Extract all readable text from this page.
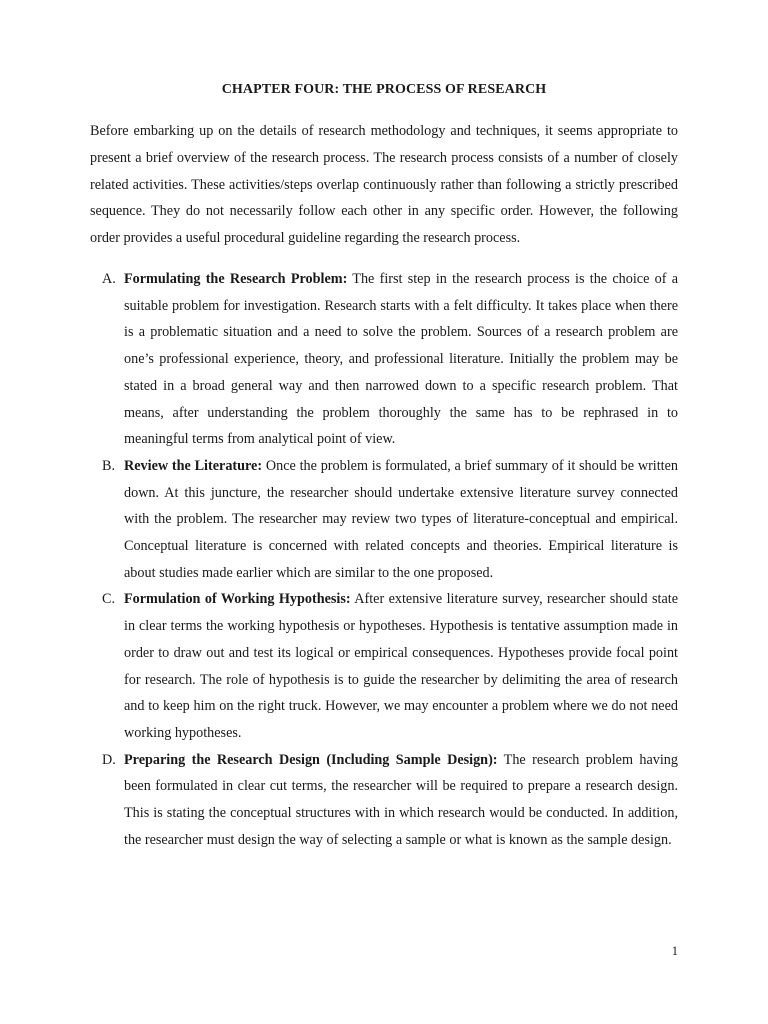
CHAPTER FOUR: THE PROCESS OF RESEARCH

Before embarking up on the details of research methodology and techniques, it seems appropriate to present a brief overview of the research process. The research process consists of a number of closely related activities. These activities/steps overlap continuously rather than following a strictly prescribed sequence. They do not necessarily follow each other in any specific order. However, the following order provides a useful procedural guideline regarding the research process.

A. Formulating the Research Problem: The first step in the research process is the choice of a suitable problem for investigation. Research starts with a felt difficulty. It takes place when there is a problematic situation and a need to solve the problem. Sources of a research problem are one’s professional experience, theory, and professional literature. Initially the problem may be stated in a broad general way and then narrowed down to a specific research problem. That means, after understanding the problem thoroughly the same has to be rephrased in to meaningful terms from analytical point of view.
B. Review the Literature: Once the problem is formulated, a brief summary of it should be written down. At this juncture, the researcher should undertake extensive literature survey connected with the problem. The researcher may review two types of literature-conceptual and empirical. Conceptual literature is concerned with related concepts and theories. Empirical literature is about studies made earlier which are similar to the one proposed.
C. Formulation of Working Hypothesis: After extensive literature survey, researcher should state in clear terms the working hypothesis or hypotheses. Hypothesis is tentative assumption made in order to draw out and test its logical or empirical consequences. Hypotheses provide focal point for research. The role of hypothesis is to guide the researcher by delimiting the area of research and to keep him on the right truck. However, we may encounter a problem where we do not need working hypotheses.
D. Preparing the Research Design (Including Sample Design): The research problem having been formulated in clear cut terms, the researcher will be required to prepare a research design. This is stating the conceptual structures with in which research would be conducted. In addition, the researcher must design the way of selecting a sample or what is known as the sample design.
1
